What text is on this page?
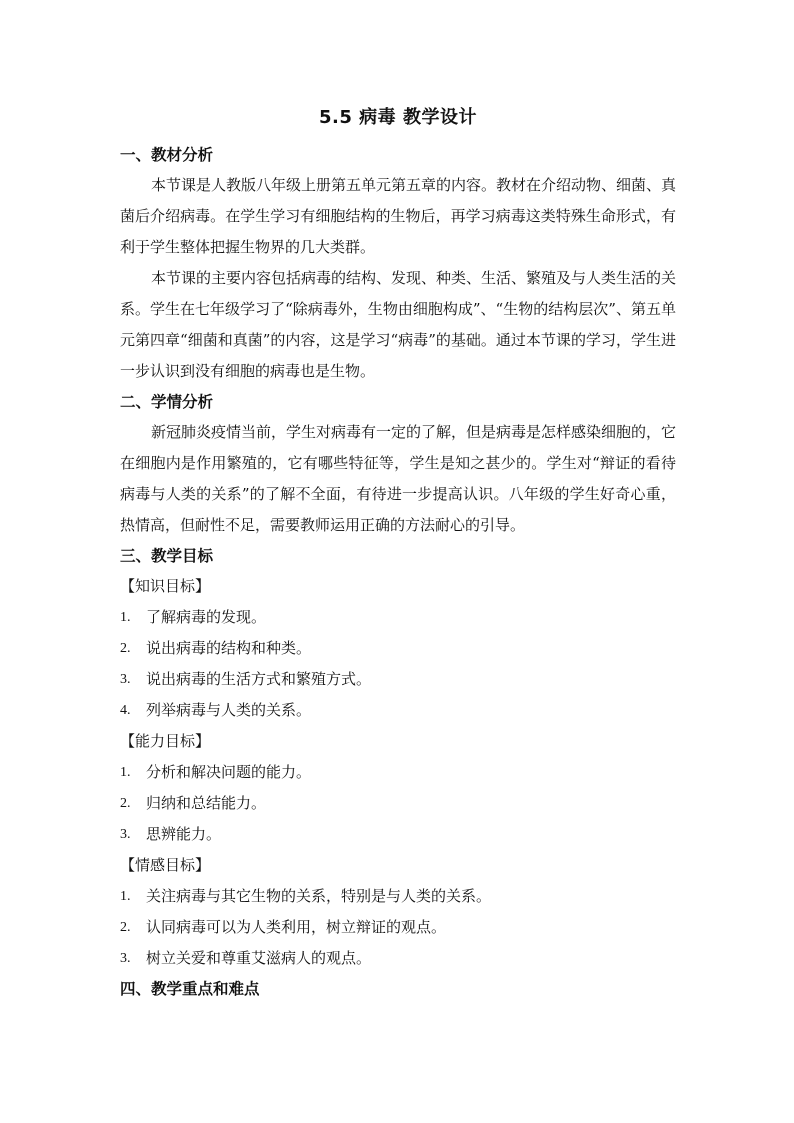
5.5 病毒 教学设计
一、教材分析

本节课是人教版八年级上册第五单元第五章的内容。教材在介绍动物、细菌、真菌后介绍病毒。在学生学习有细胞结构的生物后，再学习病毒这类特殊生命形式，有利于学生整体把握生物界的几大类群。

本节课的主要内容包括病毒的结构、发现、种类、生活、繁殖及与人类生活的关系。学生在七年级学习了“除病毒外，生物由细胞构成”、“生物的结构层次”、第五单元第四章“细菌和真菌”的内容，这是学习“病毒”的基础。通过本节课的学习，学生进一步认识到没有细胞的病毒也是生物。

二、学情分析

新冠肺炎疫情当前，学生对病毒有一定的了解，但是病毒是怎样感染细胞的，它在细胞内是作用繁殖的，它有哪些特征等，学生是知之甚少的。学生对“辩证的看待病毒与人类的关系”的了解不全面，有待进一步提高认识。八年级的学生好奇心重，热情高，但耐性不足，需要教师运用正确的方法耐心的引导。

三、教学目标
【知识目标】
1.	了解病毒的发现。
2.	说出病毒的结构和种类。
3.	说出病毒的生活方式和繁殖方式。
4.	列举病毒与人类的关系。
【能力目标】
1.	分析和解决问题的能力。
2.	归纳和总结能力。
3.	思辨能力。
【情感目标】
1.	关注病毒与其它生物的关系，特别是与人类的关系。
2.	认同病毒可以为人类利用，树立辩证的观点。
3.	树立关爱和尊重艾滋病人的观点。
四、教学重点和难点
